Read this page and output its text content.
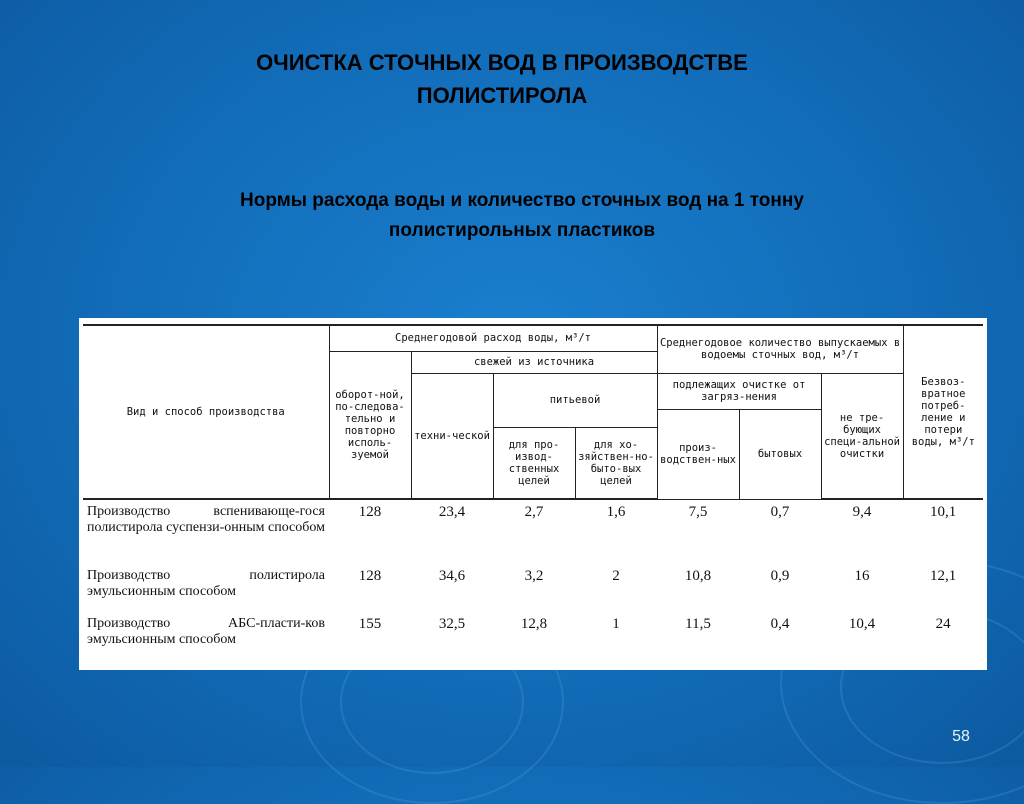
ОЧИСТКА СТОЧНЫХ ВОД В ПРОИЗВОДСТВЕ
ПОЛИСТИРОЛА
Нормы расхода воды и количество сточных вод на 1 тонну
полистирольных пластиков
Вид и способ производства	Среднегодовой расход воды, м³/т				Среднегодовое количество выпускаемых в водоемы сточных вод, м³/т			Безвоз-вратное потреб-ление и потери воды, м³/т
	оборот-ной, по-следова-тельно и повторно исполь-зуемой	свежей из источника						
		техни-ческой	питьевой		подлежащих очистке от загряз-нения		не тре-бующих специ-альной очистки	
					произ-водствен-ных	бытовых		
			для про-извод-ственных целей	для хо-зяйствен-но-быто-вых целей				
Производство вспенивающе-гося полистирола суспензи-онным способом	128	23,4	2,7	1,6	7,5	0,7	9,4	10,1
Производство полистирола эмульсионным способом	128	34,6	3,2	2	10,8	0,9	16	12,1
Производство АБС-пласти-ков эмульсионным способом	155	32,5	12,8	1	11,5	0,4	10,4	24
58
